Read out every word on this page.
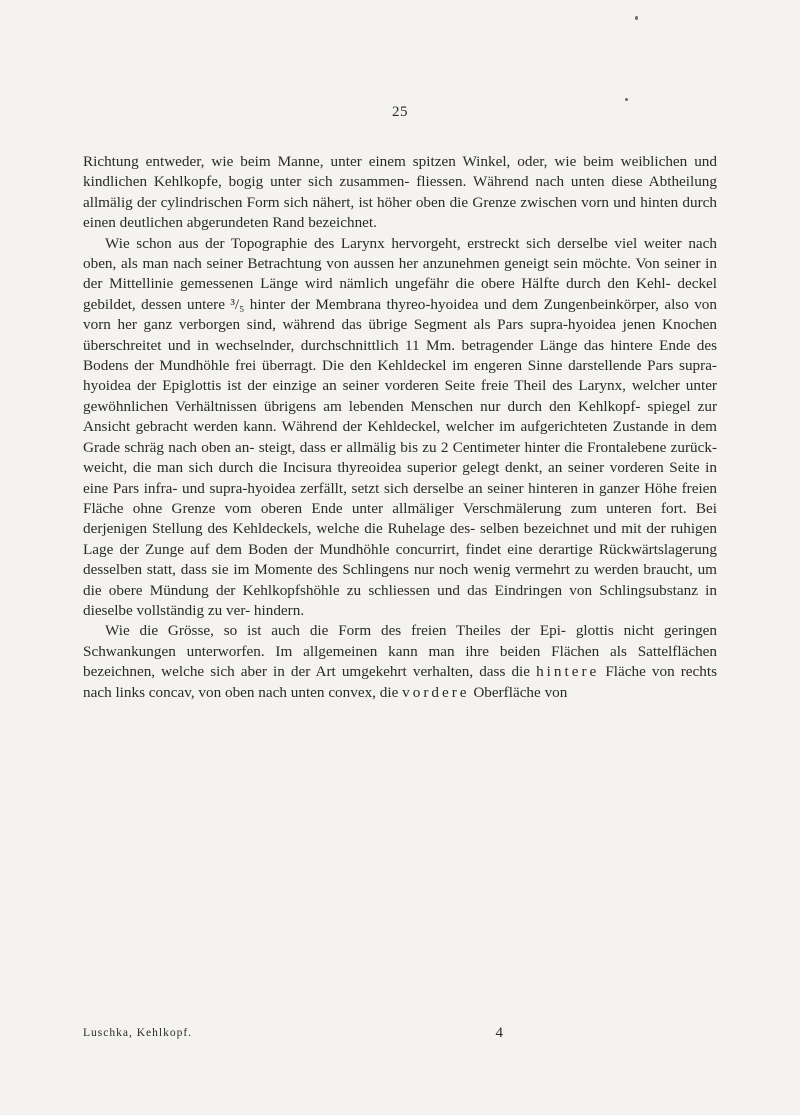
25

Richtung entweder, wie beim Manne, unter einem spitzen Winkel, oder, wie beim weiblichen und kindlichen Kehlkopfe, bogig unter sich zusammen- fliessen. Während nach unten diese Abtheilung allmälig der cylindrischen Form sich nähert, ist höher oben die Grenze zwischen vorn und hinten durch einen deutlichen abgerundeten Rand bezeichnet.

Wie schon aus der Topographie des Larynx hervorgeht, erstreckt sich derselbe viel weiter nach oben, als man nach seiner Betrachtung von aussen her anzunehmen geneigt sein möchte. Von seiner in der Mittellinie gemessenen Länge wird nämlich ungefähr die obere Hälfte durch den Kehl- deckel gebildet, dessen untere ³/₅ hinter der Membrana thyreo-hyoidea und dem Zungenbeinkörper, also von vorn her ganz verborgen sind, während das übrige Segment als Pars supra-hyoidea jenen Knochen überschreitet und in wechselnder, durchschnittlich 11 Mm. betragender Länge das hintere Ende des Bodens der Mundhöhle frei überragt. Die den Kehldeckel im engeren Sinne darstellende Pars supra-hyoidea der Epiglottis ist der einzige an seiner vorderen Seite freie Theil des Larynx, welcher unter gewöhnlichen Verhältnissen übrigens am lebenden Menschen nur durch den Kehlkopf- spiegel zur Ansicht gebracht werden kann. Während der Kehldeckel, welcher im aufgerichteten Zustande in dem Grade schräg nach oben an- steigt, dass er allmälig bis zu 2 Centimeter hinter die Frontalebene zurück- weicht, die man sich durch die Incisura thyreoidea superior gelegt denkt, an seiner vorderen Seite in eine Pars infra- und supra-hyoidea zerfällt, setzt sich derselbe an seiner hinteren in ganzer Höhe freien Fläche ohne Grenze vom oberen Ende unter allmäliger Verschmälerung zum unteren fort. Bei derjenigen Stellung des Kehldeckels, welche die Ruhelage des- selben bezeichnet und mit der ruhigen Lage der Zunge auf dem Boden der Mundhöhle concurrirt, findet eine derartige Rückwärtslagerung desselben statt, dass sie im Momente des Schlingens nur noch wenig vermehrt zu werden braucht, um die obere Mündung der Kehlkopfshöhle zu schliessen und das Eindringen von Schlingsubstanz in dieselbe vollständig zu ver- hindern.

Wie die Grösse, so ist auch die Form des freien Theiles der Epi- glottis nicht geringen Schwankungen unterworfen. Im allgemeinen kann man ihre beiden Flächen als Sattelflächen bezeichnen, welche sich aber in der Art umgekehrt verhalten, dass die hintere Fläche von rechts nach links concav, von oben nach unten convex, die vordere Oberfläche von

Luschka, Kehlkopf.	4
